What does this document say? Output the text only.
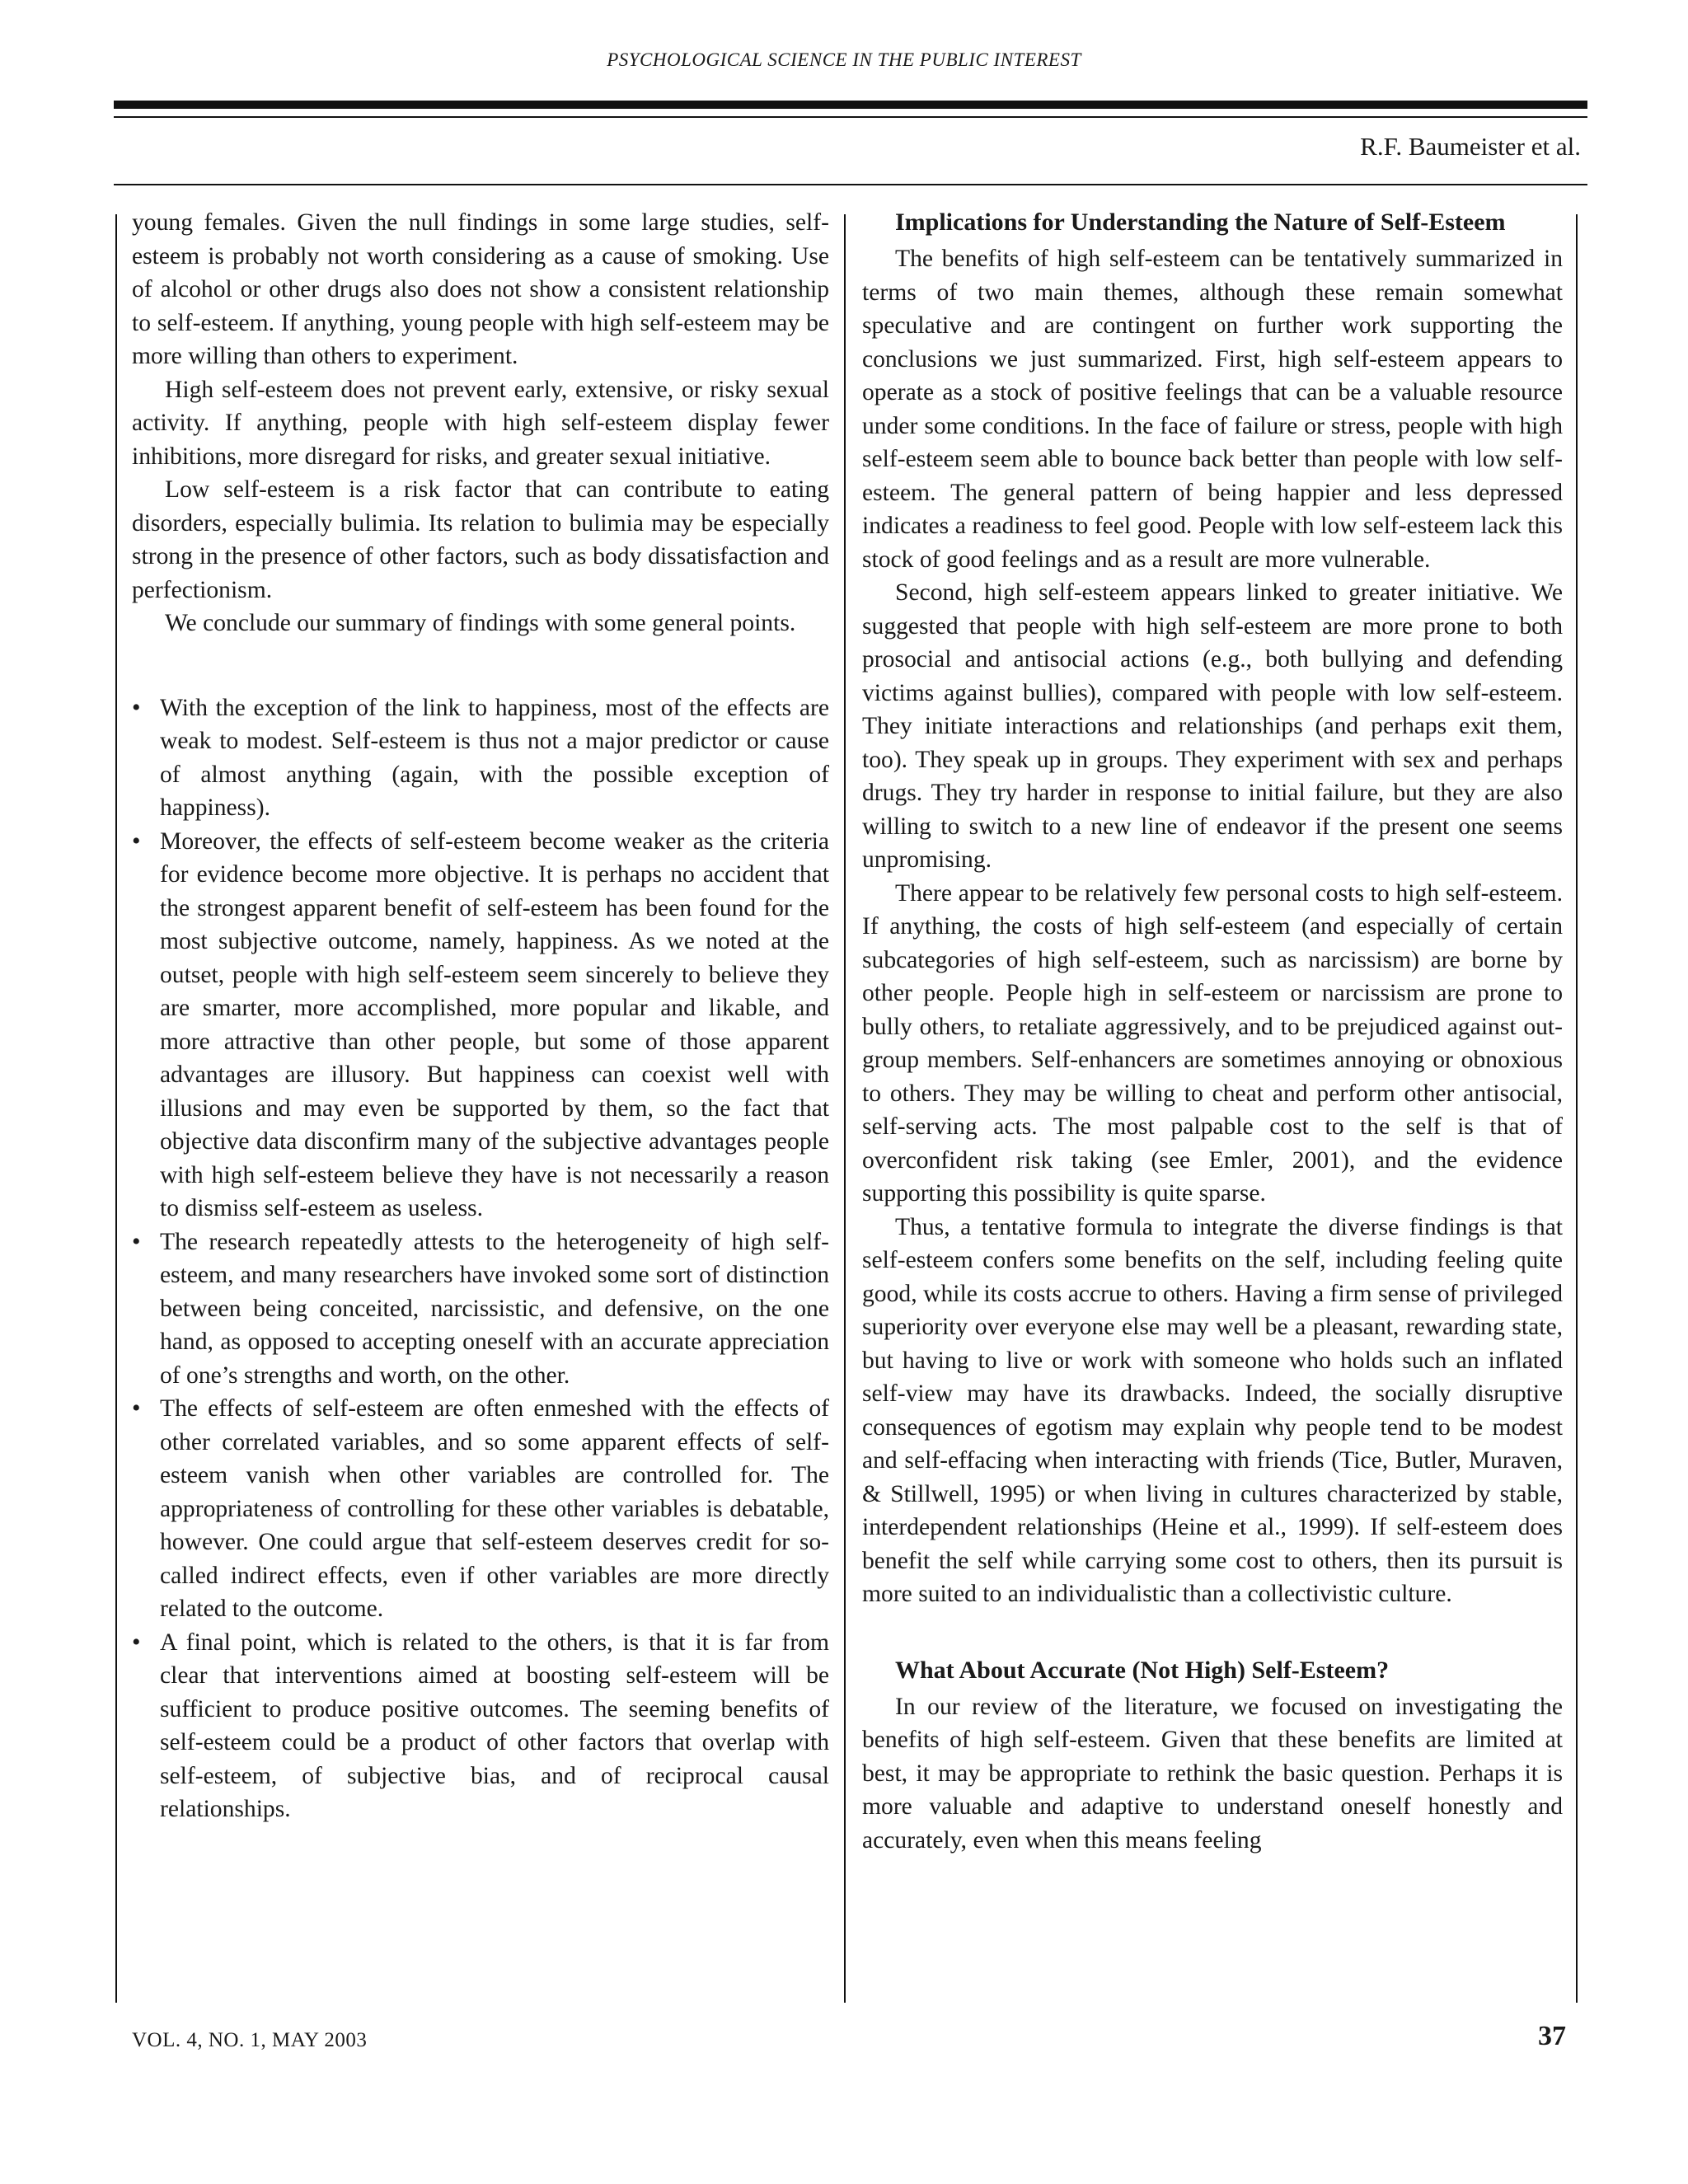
PSYCHOLOGICAL SCIENCE IN THE PUBLIC INTEREST
R.F. Baumeister et al.

young females. Given the null findings in some large studies, self-esteem is probably not worth considering as a cause of smoking. Use of alcohol or other drugs also does not show a consistent relationship to self-esteem. If anything, young people with high self-esteem may be more willing than others to experiment.

High self-esteem does not prevent early, extensive, or risky sexual activity. If anything, people with high self-esteem display fewer inhibitions, more disregard for risks, and greater sexual initiative.

Low self-esteem is a risk factor that can contribute to eating disorders, especially bulimia. Its relation to bulimia may be especially strong in the presence of other factors, such as body dissatisfaction and perfectionism.

We conclude our summary of findings with some general points.

• With the exception of the link to happiness, most of the effects are weak to modest. Self-esteem is thus not a major predictor or cause of almost anything (again, with the possible exception of happiness).
• Moreover, the effects of self-esteem become weaker as the criteria for evidence become more objective. It is perhaps no accident that the strongest apparent benefit of self-esteem has been found for the most subjective outcome, namely, happiness. As we noted at the outset, people with high self-esteem seem sincerely to believe they are smarter, more accomplished, more popular and likable, and more attractive than other people, but some of those apparent advantages are illusory. But happiness can coexist well with illusions and may even be supported by them, so the fact that objective data disconfirm many of the subjective advantages people with high self-esteem believe they have is not necessarily a reason to dismiss self-esteem as useless.
• The research repeatedly attests to the heterogeneity of high self-esteem, and many researchers have invoked some sort of distinction between being conceited, narcissistic, and defensive, on the one hand, as opposed to accepting oneself with an accurate appreciation of one’s strengths and worth, on the other.
• The effects of self-esteem are often enmeshed with the effects of other correlated variables, and so some apparent effects of self-esteem vanish when other variables are controlled for. The appropriateness of controlling for these other variables is debatable, however. One could argue that self-esteem deserves credit for so-called indirect effects, even if other variables are more directly related to the outcome.
• A final point, which is related to the others, is that it is far from clear that interventions aimed at boosting self-esteem will be sufficient to produce positive outcomes. The seeming benefits of self-esteem could be a product of other factors that overlap with self-esteem, of subjective bias, and of reciprocal causal relationships.
Implications for Understanding the Nature of Self-Esteem

The benefits of high self-esteem can be tentatively summarized in terms of two main themes, although these remain somewhat speculative and are contingent on further work supporting the conclusions we just summarized. First, high self-esteem appears to operate as a stock of positive feelings that can be a valuable resource under some conditions. In the face of failure or stress, people with high self-esteem seem able to bounce back better than people with low self-esteem. The general pattern of being happier and less depressed indicates a readiness to feel good. People with low self-esteem lack this stock of good feelings and as a result are more vulnerable.

Second, high self-esteem appears linked to greater initiative. We suggested that people with high self-esteem are more prone to both prosocial and antisocial actions (e.g., both bullying and defending victims against bullies), compared with people with low self-esteem. They initiate interactions and relationships (and perhaps exit them, too). They speak up in groups. They experiment with sex and perhaps drugs. They try harder in response to initial failure, but they are also willing to switch to a new line of endeavor if the present one seems unpromising.

There appear to be relatively few personal costs to high self-esteem. If anything, the costs of high self-esteem (and especially of certain subcategories of high self-esteem, such as narcissism) are borne by other people. People high in self-esteem or narcissism are prone to bully others, to retaliate aggressively, and to be prejudiced against out-group members. Self-enhancers are sometimes annoying or obnoxious to others. They may be willing to cheat and perform other antisocial, self-serving acts. The most palpable cost to the self is that of overconfident risk taking (see Emler, 2001), and the evidence supporting this possibility is quite sparse.

Thus, a tentative formula to integrate the diverse findings is that self-esteem confers some benefits on the self, including feeling quite good, while its costs accrue to others. Having a firm sense of privileged superiority over everyone else may well be a pleasant, rewarding state, but having to live or work with someone who holds such an inflated self-view may have its drawbacks. Indeed, the socially disruptive consequences of egotism may explain why people tend to be modest and self-effacing when interacting with friends (Tice, Butler, Muraven, & Stillwell, 1995) or when living in cultures characterized by stable, interdependent relationships (Heine et al., 1999). If self-esteem does benefit the self while carrying some cost to others, then its pursuit is more suited to an individualistic than a collectivistic culture.

What About Accurate (Not High) Self-Esteem?

In our review of the literature, we focused on investigating the benefits of high self-esteem. Given that these benefits are limited at best, it may be appropriate to rethink the basic question. Perhaps it is more valuable and adaptive to understand oneself honestly and accurately, even when this means feeling

VOL. 4, NO. 1, MAY 2003	37
